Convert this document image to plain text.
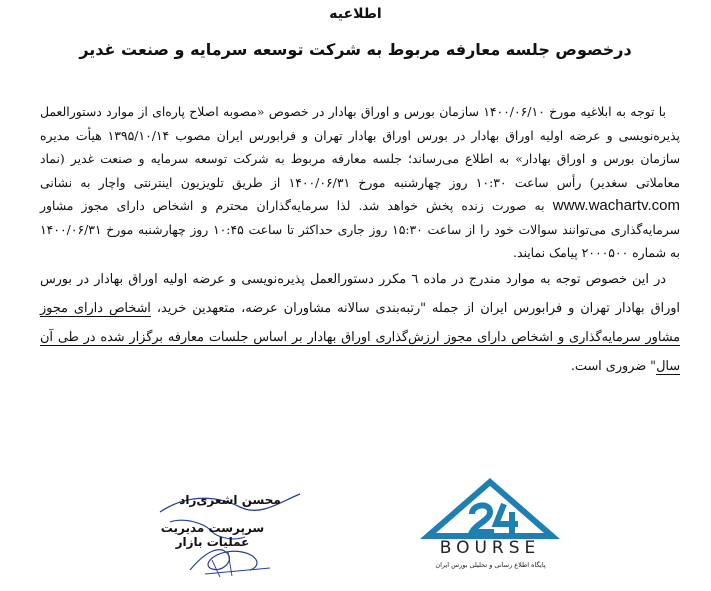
اطلاعیه
درخصوص جلسه معارفه مربوط به شرکت توسعه سرمایه و صنعت غدیر

با توجه به ابلاغیه مورخ ۱۴۰۰/۰۶/۱۰ سازمان بورس و اوراق بهادار در خصوص «مصوبه اصلاح پاره‌ای از موارد دستورالعمل پذیره‌نویسی و عرضه اولیه اوراق بهادار در بورس اوراق بهادار تهران و فرابورس ایران مصوب ۱۳۹۵/۱۰/۱۴ هیأت مدیره سازمان بورس و اوراق بهادار» به اطلاع می‌رساند؛ جلسه معارفه مربوط به شرکت توسعه سرمایه و صنعت غدیر (نماد معاملاتی سغدیر) رأس ساعت ۱۰:۳۰ روز چهارشنبه مورخ ۱۴۰۰/۰۶/۳۱ از طریق تلویزیون اینترنتی واچار به نشانی www.wachartv.com به صورت زنده پخش خواهد شد. لذا سرمایه‌گذاران محترم و اشخاص دارای مجوز مشاور سرمایه‌گذاری می‌توانند سوالات خود را از ساعت ۱۵:۳۰ روز جاری حداکثر تا ساعت ۱۰:۴۵ روز چهارشنبه مورخ ۱۴۰۰/۰۶/۳۱ به شماره ۲۰۰۰۵۰۰ پیامک نمایند.

در این خصوص توجه به موارد مندرج در ماده ٦ مکرر دستورالعمل پذیره‌نویسی و عرضه اولیه اوراق بهادار در بورس اوراق بهادار تهران و فرابورس ایران از جمله "رتبه‌بندی سالانه مشاوران عرضه، متعهدین خرید، اشخاص دارای مجوز مشاور سرمایه‌گذاری و اشخاص دارای مجوز ارزش‌گذاری اوراق بهادار بر اساس جلسات معارفه برگزار شده در طی آن سال" ضروری است.

محسن اشعری‌زاد
سرپرست مدیریت عملیات بازار	BOURSE
پایگاه اطلاع رسانی و تحلیلی بورس ایران
